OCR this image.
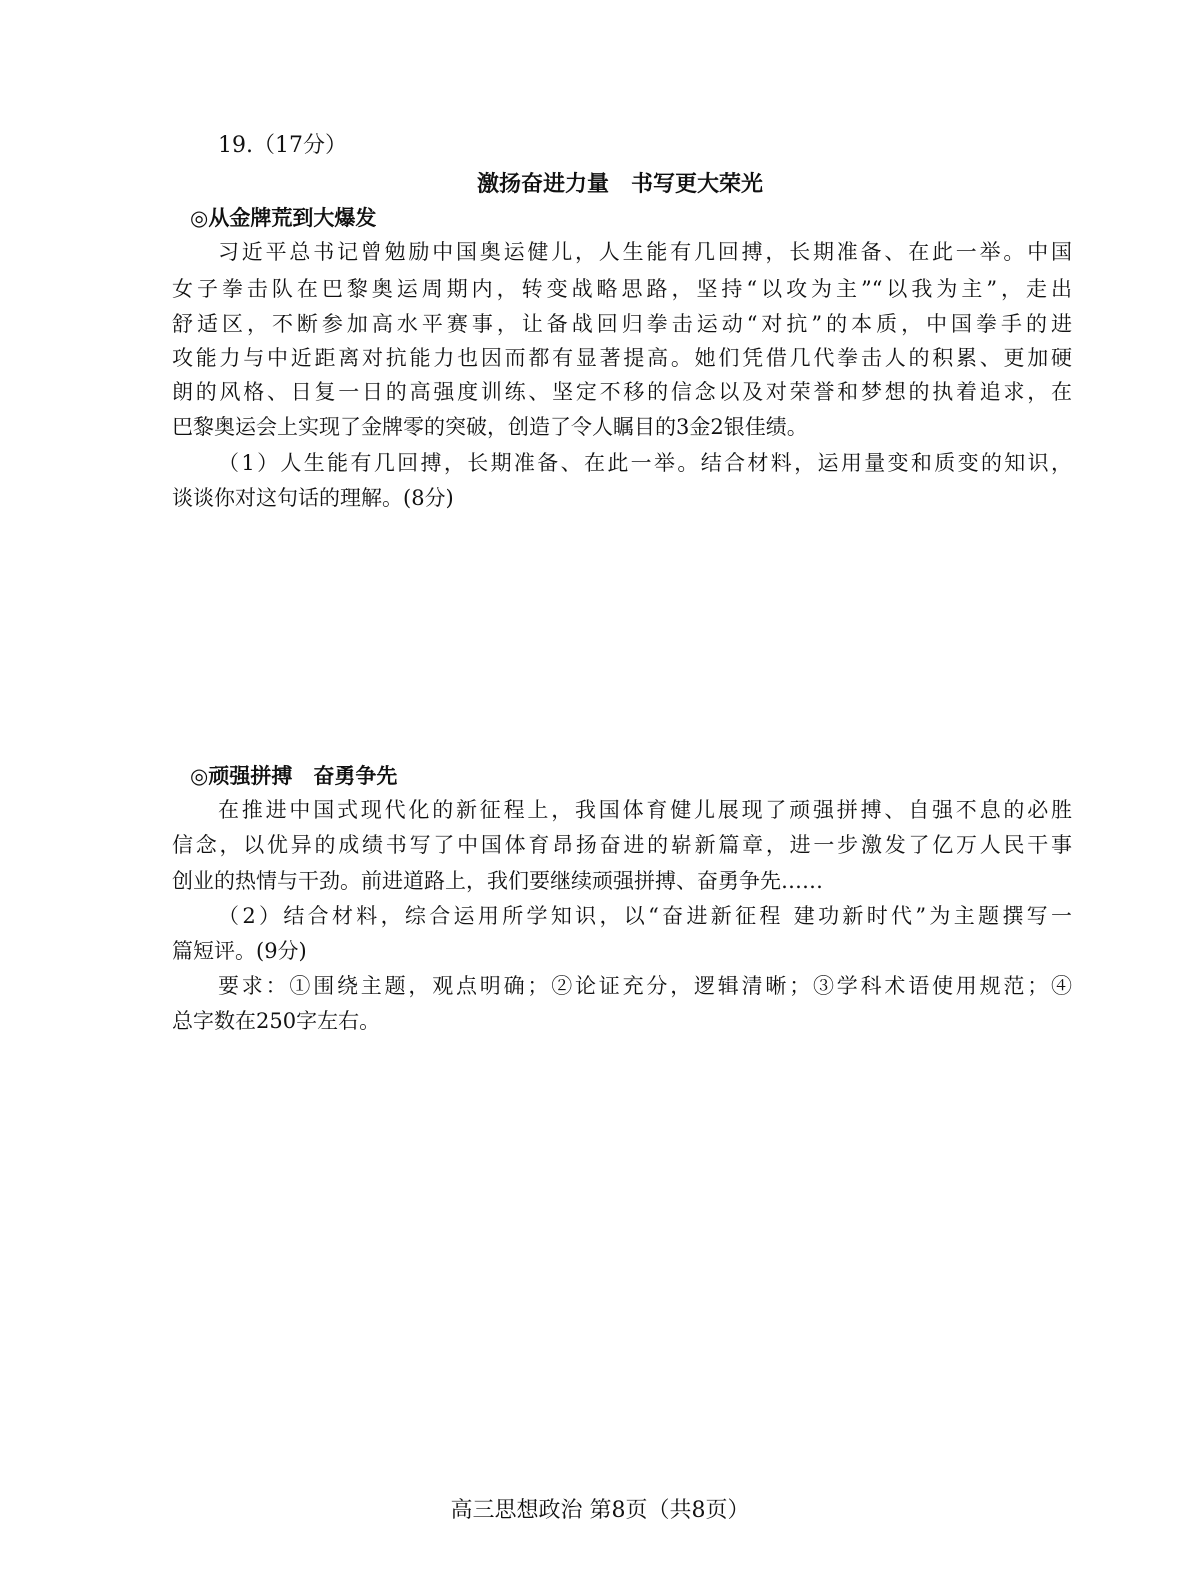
19.（17分）
激扬奋进力量　书写更大荣光
◎从金牌荒到大爆发
习近平总书记曾勉励中国奥运健儿，人生能有几回搏，长期准备、在此一举。中国
女子拳击队在巴黎奥运周期内，转变战略思路，坚持“以攻为主”“以我为主”，走出
舒适区，不断参加高水平赛事，让备战回归拳击运动“对抗”的本质，中国拳手的进
攻能力与中近距离对抗能力也因而都有显著提高。她们凭借几代拳击人的积累、更加硬
朗的风格、日复一日的高强度训练、坚定不移的信念以及对荣誉和梦想的执着追求，在
巴黎奥运会上实现了金牌零的突破，创造了令人瞩目的3金2银佳绩。
（1）人生能有几回搏，长期准备、在此一举。结合材料，运用量变和质变的知识，
谈谈你对这句话的理解。(8分)
◎顽强拼搏　奋勇争先
在推进中国式现代化的新征程上，我国体育健儿展现了顽强拼搏、自强不息的必胜
信念，以优异的成绩书写了中国体育昂扬奋进的崭新篇章，进一步激发了亿万人民干事
创业的热情与干劲。前进道路上，我们要继续顽强拼搏、奋勇争先……
（2）结合材料，综合运用所学知识，以“奋进新征程 建功新时代”为主题撰写一
篇短评。(9分)
要求：①围绕主题，观点明确；②论证充分，逻辑清晰；③学科术语使用规范；④
总字数在250字左右。
高三思想政治 第8页（共8页）
